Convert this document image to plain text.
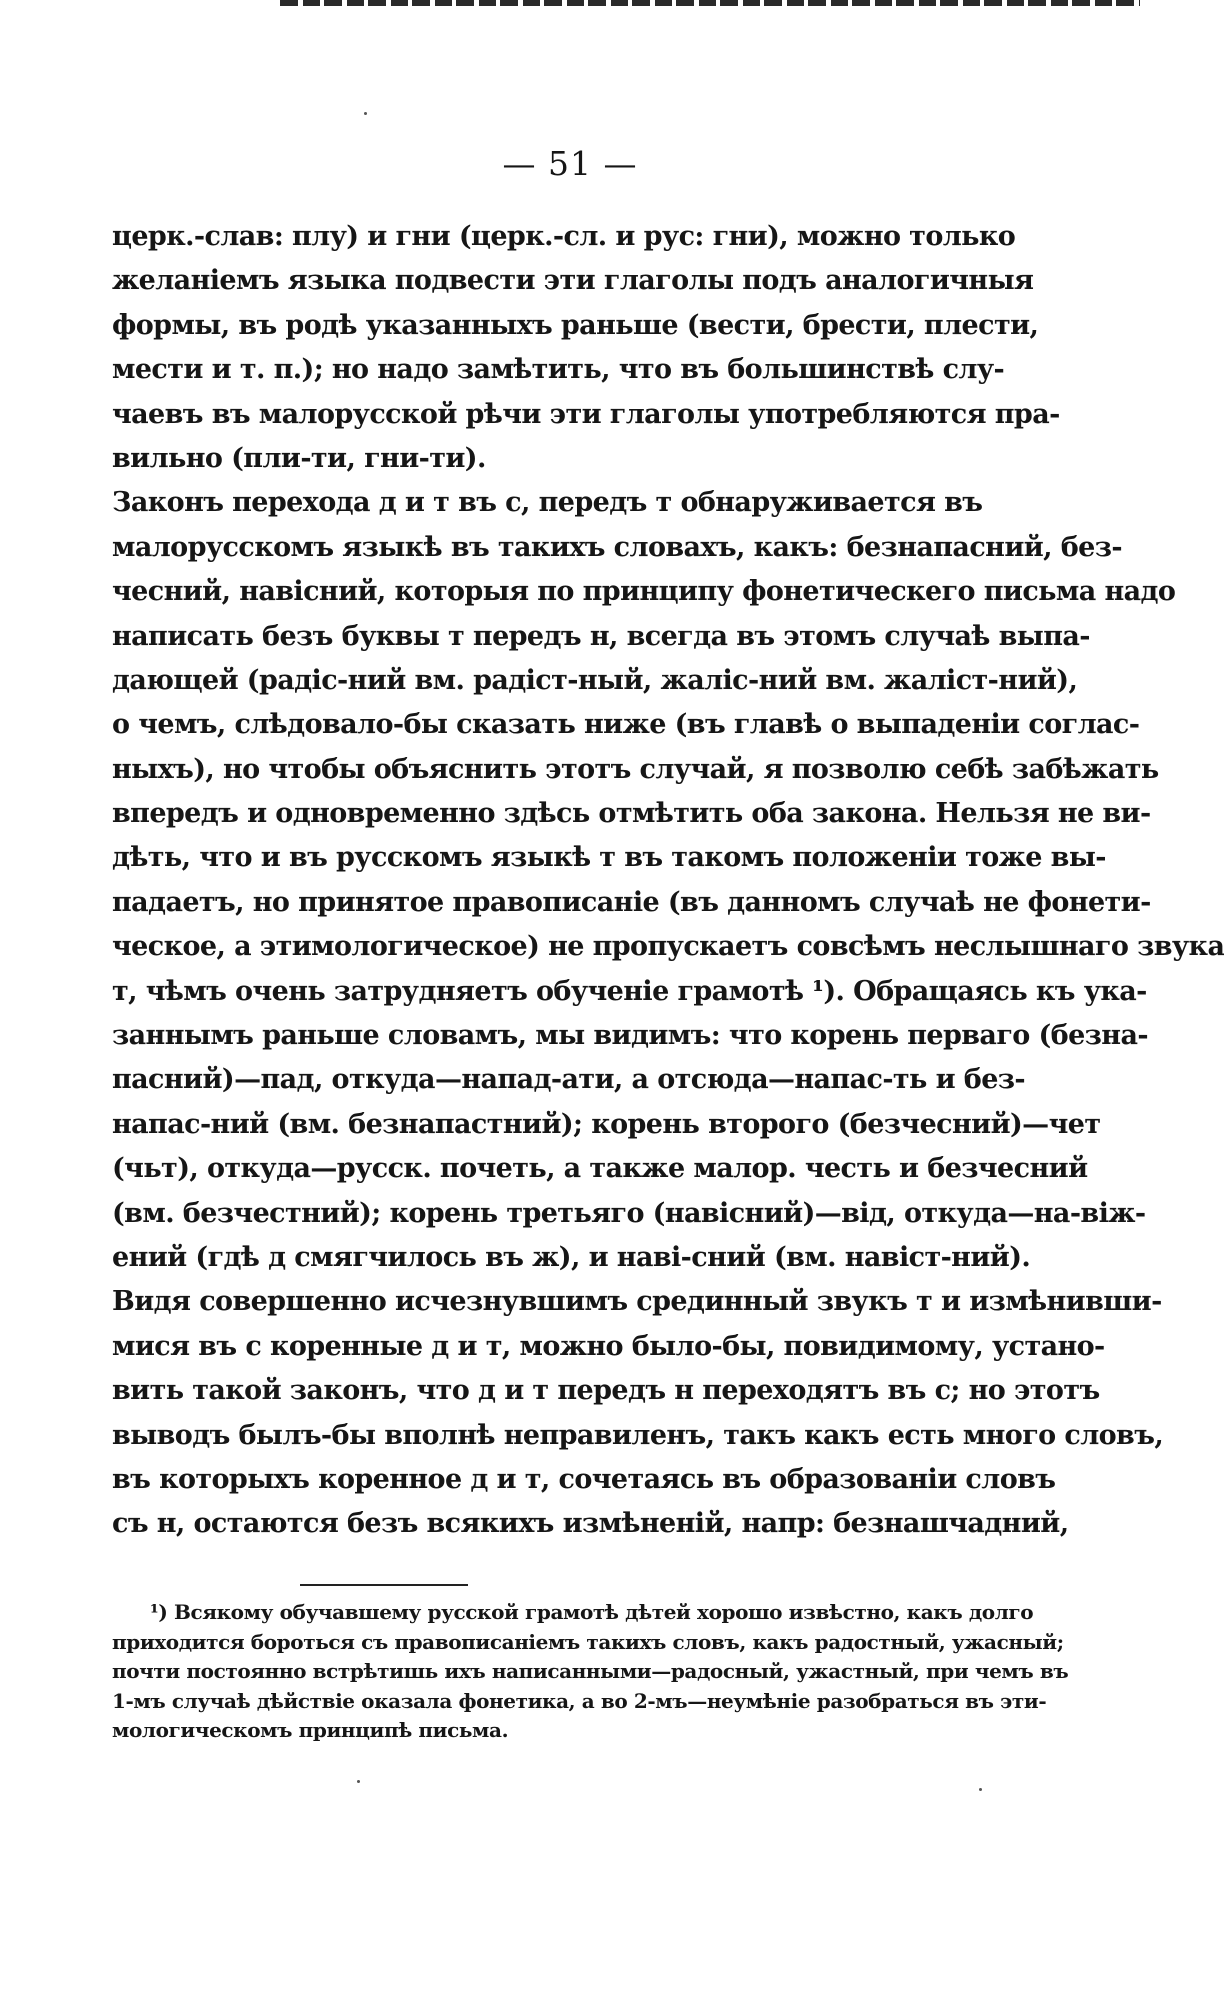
— 51 —
церк.-слав: плу) и гни (церк.-сл. и рус: гни), можно только
желаніемъ языка подвести эти глаголы подъ аналогичныя
формы, въ родѣ указанныхъ раньше (вести, брести, плести,
мести и т. п.); но надо замѣтить, что въ большинствѣ слу-
чаевъ въ малорусской рѣчи эти глаголы употребляются пра-
вильно (пли-ти, гни-ти).
Законъ перехода д и т въ с, передъ т обнаруживается въ
малорусскомъ языкѣ въ такихъ словахъ, какъ: безнапасний, без-
чесний, навісний, которыя по принципу фонетическего письма надо
написать безъ буквы т передъ н, всегда въ этомъ случаѣ выпа-
дающей (радіс-ний вм. радіст-ный, жаліс-ний вм. жаліст-ний),
о чемъ, слѣдовало-бы сказать ниже (въ главѣ о выпаденіи соглас-
ныхъ), но чтобы объяснить этотъ случай, я позволю себѣ забѣжать
впередъ и одновременно здѣсь отмѣтить оба закона. Нельзя не ви-
дѣть, что и въ русскомъ языкѣ т въ такомъ положеніи тоже вы-
падаетъ, но принятое правописаніе (въ данномъ случаѣ не фонети-
ческое, а этимологическое) не пропускаетъ совсѣмъ неслышнаго звука
т, чѣмъ очень затрудняетъ обученіе грамотѣ ¹). Обращаясь къ ука-
заннымъ раньше словамъ, мы видимъ: что корень перваго (безна-
пасний)—пад, откуда—напад-ати, а отсюда—напас-ть и без-
напас-ний (вм. безнапастний); корень второго (безчесний)—чет
(чьт), откуда—русск. почеть, а также малор. честь и безчесний
(вм. безчестний); корень третьяго (навісний)—від, откуда—на-віж-
ений (гдѣ д смягчилось въ ж), и наві-сний (вм. навіст-ний).
Видя совершенно исчезнувшимъ срединный звукъ т и измѣнивши-
мися въ с коренные д и т, можно было-бы, повидимому, устано-
вить такой законъ, что д и т передъ н переходятъ въ с; но этотъ
выводъ былъ-бы вполнѣ неправиленъ, такъ какъ есть много словъ,
въ которыхъ коренное д и т, сочетаясь въ образованіи словъ
съ н, остаются безъ всякихъ измѣненій, напр: безнашчадний,
¹) Всякому обучавшему русской грамотѣ дѣтей хорошо извѣстно, какъ долго
приходится бороться съ правописаніемъ такихъ словъ, какъ радостный, ужасный;
почти постоянно встрѣтишь ихъ написанными—радосный, ужастный, при чемъ въ
1-мъ случаѣ дѣйствіе оказала фонетика, а во 2-мъ—неумѣніе разобраться въ эти-
мологическомъ принципѣ письма.
